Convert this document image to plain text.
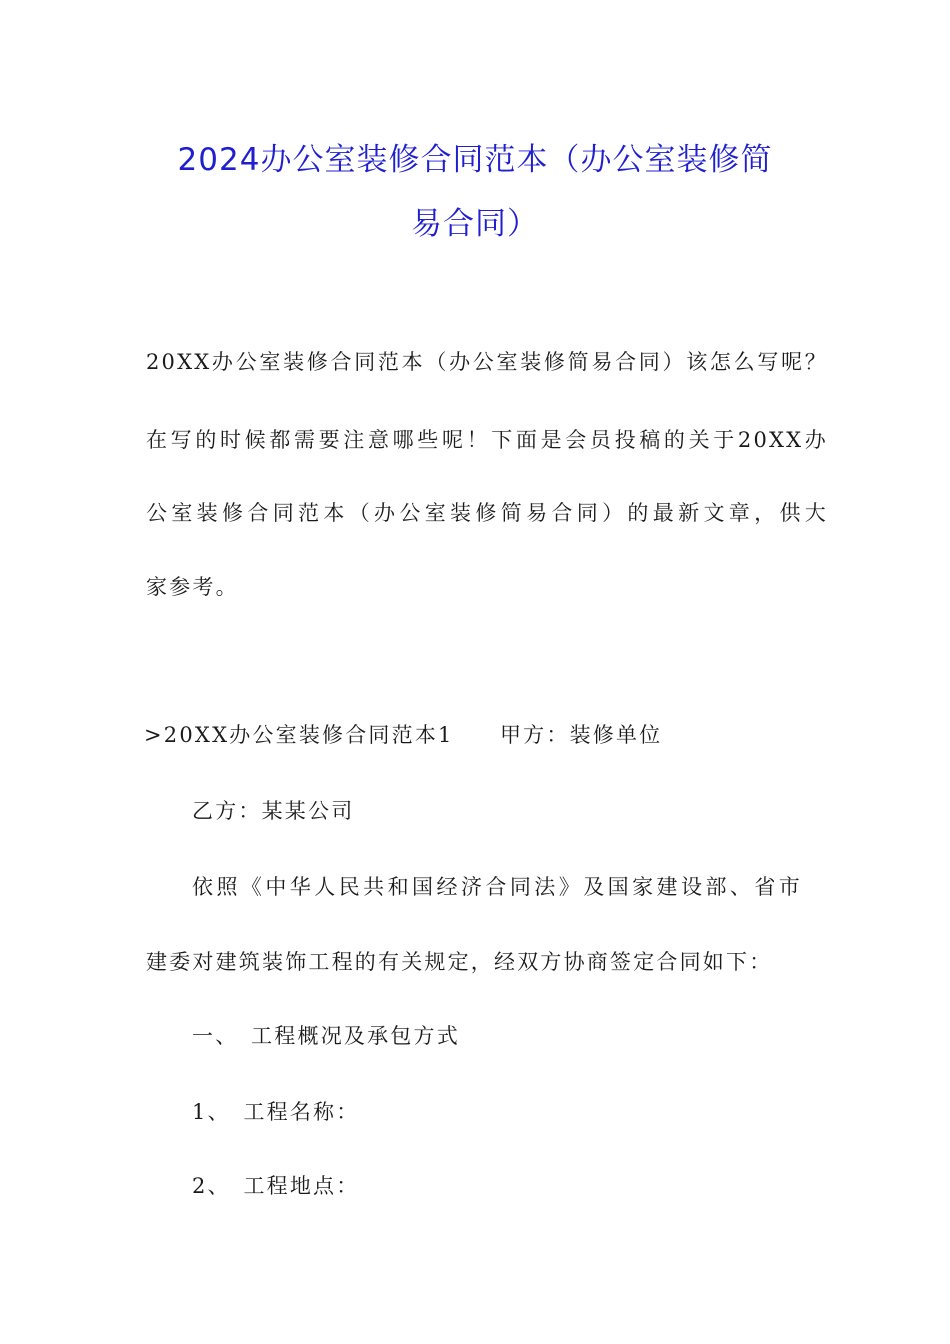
2024办公室装修合同范本（办公室装修简
易合同）
20XX办公室装修合同范本（办公室装修简易合同）该怎么写呢？
在写的时候都需要注意哪些呢！下面是会员投稿的关于20XX办
公室装修合同范本（办公室装修简易合同）的最新文章，供大
家参考。
>20XX办公室装修合同范本1　　甲方：装修单位
乙方：某某公司
依照《中华人民共和国经济合同法》及国家建设部、省市
建委对建筑装饰工程的有关规定，经双方协商签定合同如下：
一、　工程概况及承包方式
1、　工程名称：
2、　工程地点：
